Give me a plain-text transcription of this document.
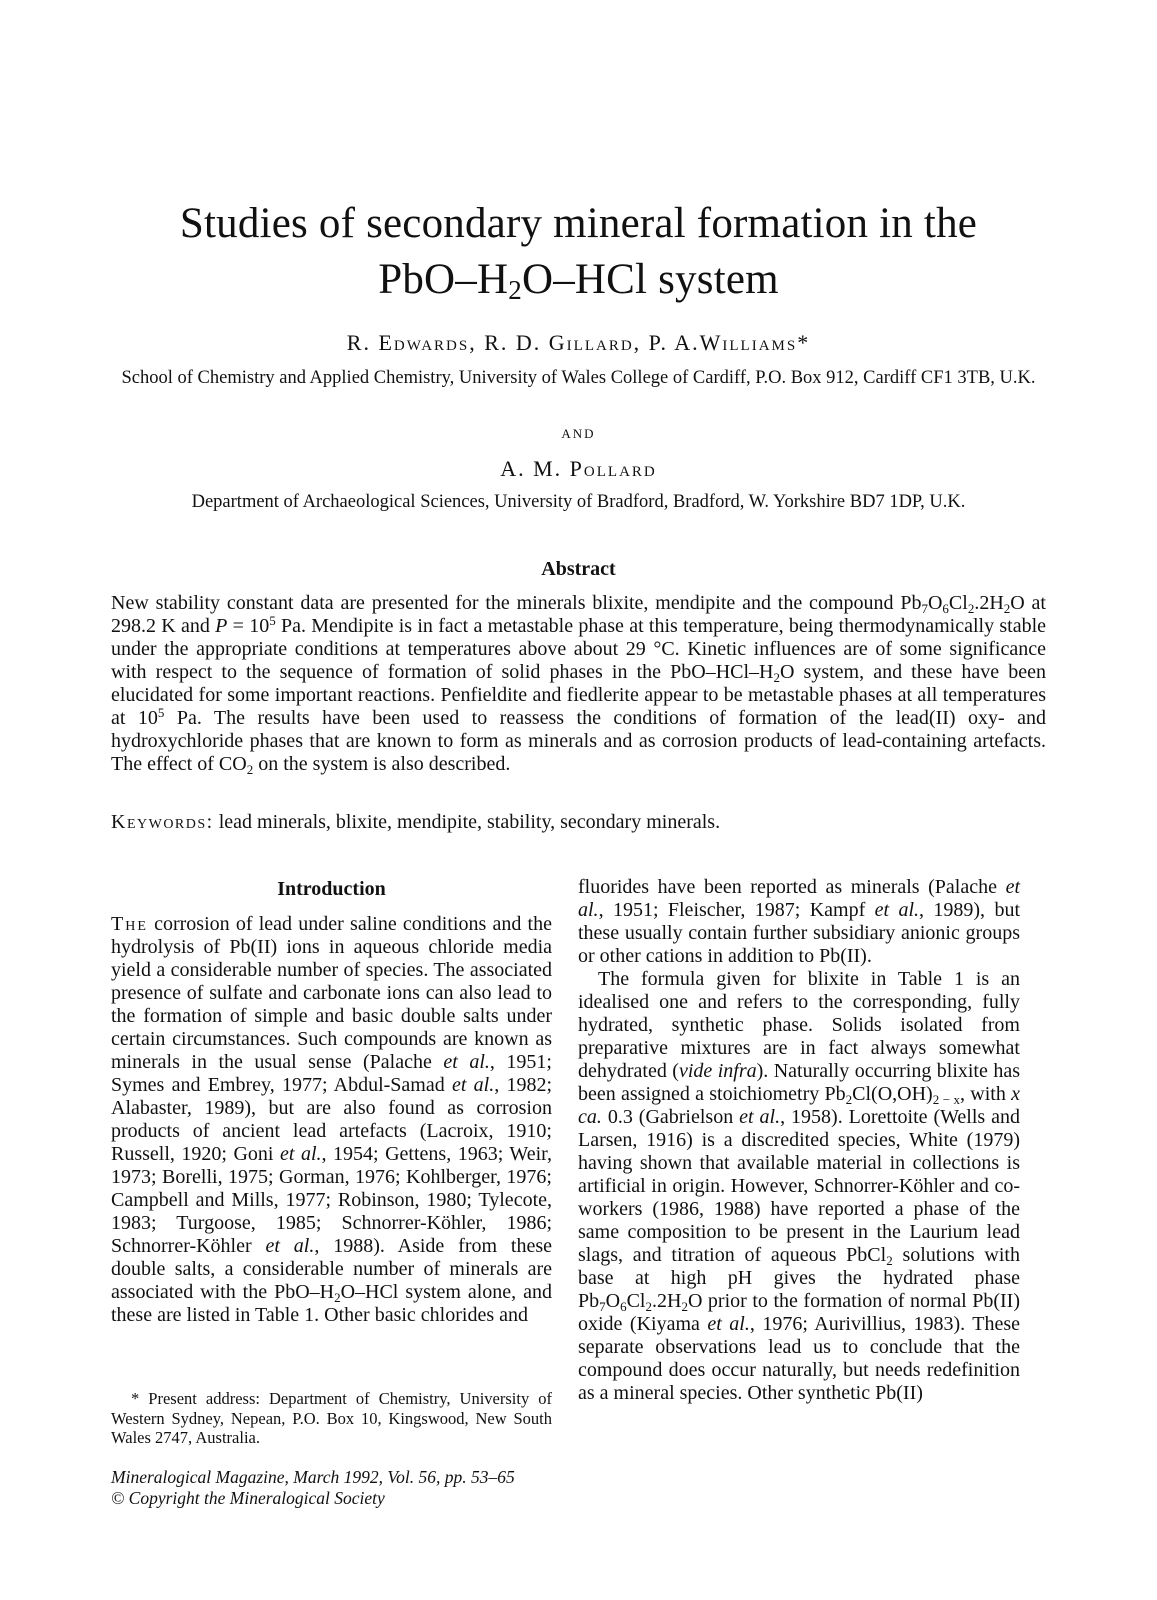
Studies of secondary mineral formation in the
PbO–$H_2O$–HCl system
R. Edwards, R. D. Gillard, P. A.Williams*
School of Chemistry and Applied Chemistry, University of Wales College of Cardiff, P.O. Box 912, Cardiff CF1 3TB, U.K.
AND
A. M. Pollard
Department of Archaeological Sciences, University of Bradford, Bradford, W. Yorkshire BD7 1DP, U.K.
Abstract
New stability constant data are presented for the minerals blixite, mendipite and the compound $Pb_7O_6Cl_2.2H_2O$ at 298.2 K and $P = 10^5$ Pa. Mendipite is in fact a metastable phase at this temperature, being thermodynamically stable under the appropriate conditions at temperatures above about 29 °C. Kinetic influences are of some significance with respect to the sequence of formation of solid phases in the PbO–$HCl-H_2O$ system, and these have been elucidated for some important reactions. Penfieldite and fiedlerite appear to be metastable phases at all temperatures at $10^5$ Pa. The results have been used to reassess the conditions of formation of the lead(II) oxy- and hydroxychloride phases that are known to form as minerals and as corrosion products of lead-containing artefacts. The effect of $CO_2$ on the system is also described.
Keywords: lead minerals, blixite, mendipite, stability, secondary minerals.
Introduction

The corrosion of lead under saline conditions and the hydrolysis of Pb(II) ions in aqueous chloride media yield a considerable number of species. The associated presence of sulfate and carbonate ions can also lead to the formation of simple and basic double salts under certain circumstances. Such compounds are known as minerals in the usual sense (Palache et al., 1951; Symes and Embrey, 1977; Abdul-Samad et al., 1982; Alabaster, 1989), but are also found as corrosion products of ancient lead artefacts (Lacroix, 1910; Russell, 1920; Goni et al., 1954; Gettens, 1963; Weir, 1973; Borelli, 1975; Gorman, 1976; Kohlberger, 1976; Campbell and Mills, 1977; Robinson, 1980; Tylecote, 1983; Turgoose, 1985; Schnorrer-Köhler, 1986; Schnorrer-Köhler et al., 1988). Aside from these double salts, a considerable number of minerals are associated with the PbO–$H_2O$–HCl system alone, and these are listed in Table 1. Other basic chlorides and

* Present address: Department of Chemistry, University of Western Sydney, Nepean, P.O. Box 10, Kingswood, New South Wales 2747, Australia.
Mineralogical Magazine, March 1992, Vol. 56, pp. 53–65
© Copyright the Mineralogical Society

fluorides have been reported as minerals (Palache et al., 1951; Fleischer, 1987; Kampf et al., 1989), but these usually contain further subsidiary anionic groups or other cations in addition to Pb(II).

The formula given for blixite in Table 1 is an idealised one and refers to the corresponding, fully hydrated, synthetic phase. Solids isolated from preparative mixtures are in fact always somewhat dehydrated (vide infra). Naturally occurring blixite has been assigned a stoichiometry $Pb_2Cl(O,OH)_{2 - x}$, with x ca. 0.3 (Gabrielson et al., 1958). Lorettoite (Wells and Larsen, 1916) is a discredited species, White (1979) having shown that available material in collections is artificial in origin. However, Schnorrer-Köhler and co-workers (1986, 1988) have reported a phase of the same composition to be present in the Laurium lead slags, and titration of aqueous PbCl$_2$ solutions with base at high pH gives the hydrated phase $Pb_7O_6Cl_2.2H_2O$ prior to the formation of normal Pb(II) oxide (Kiyama et al., 1976; Aurivillius, 1983). These separate observations lead us to conclude that the compound does occur naturally, but needs redefinition as a mineral species. Other synthetic Pb(II)
